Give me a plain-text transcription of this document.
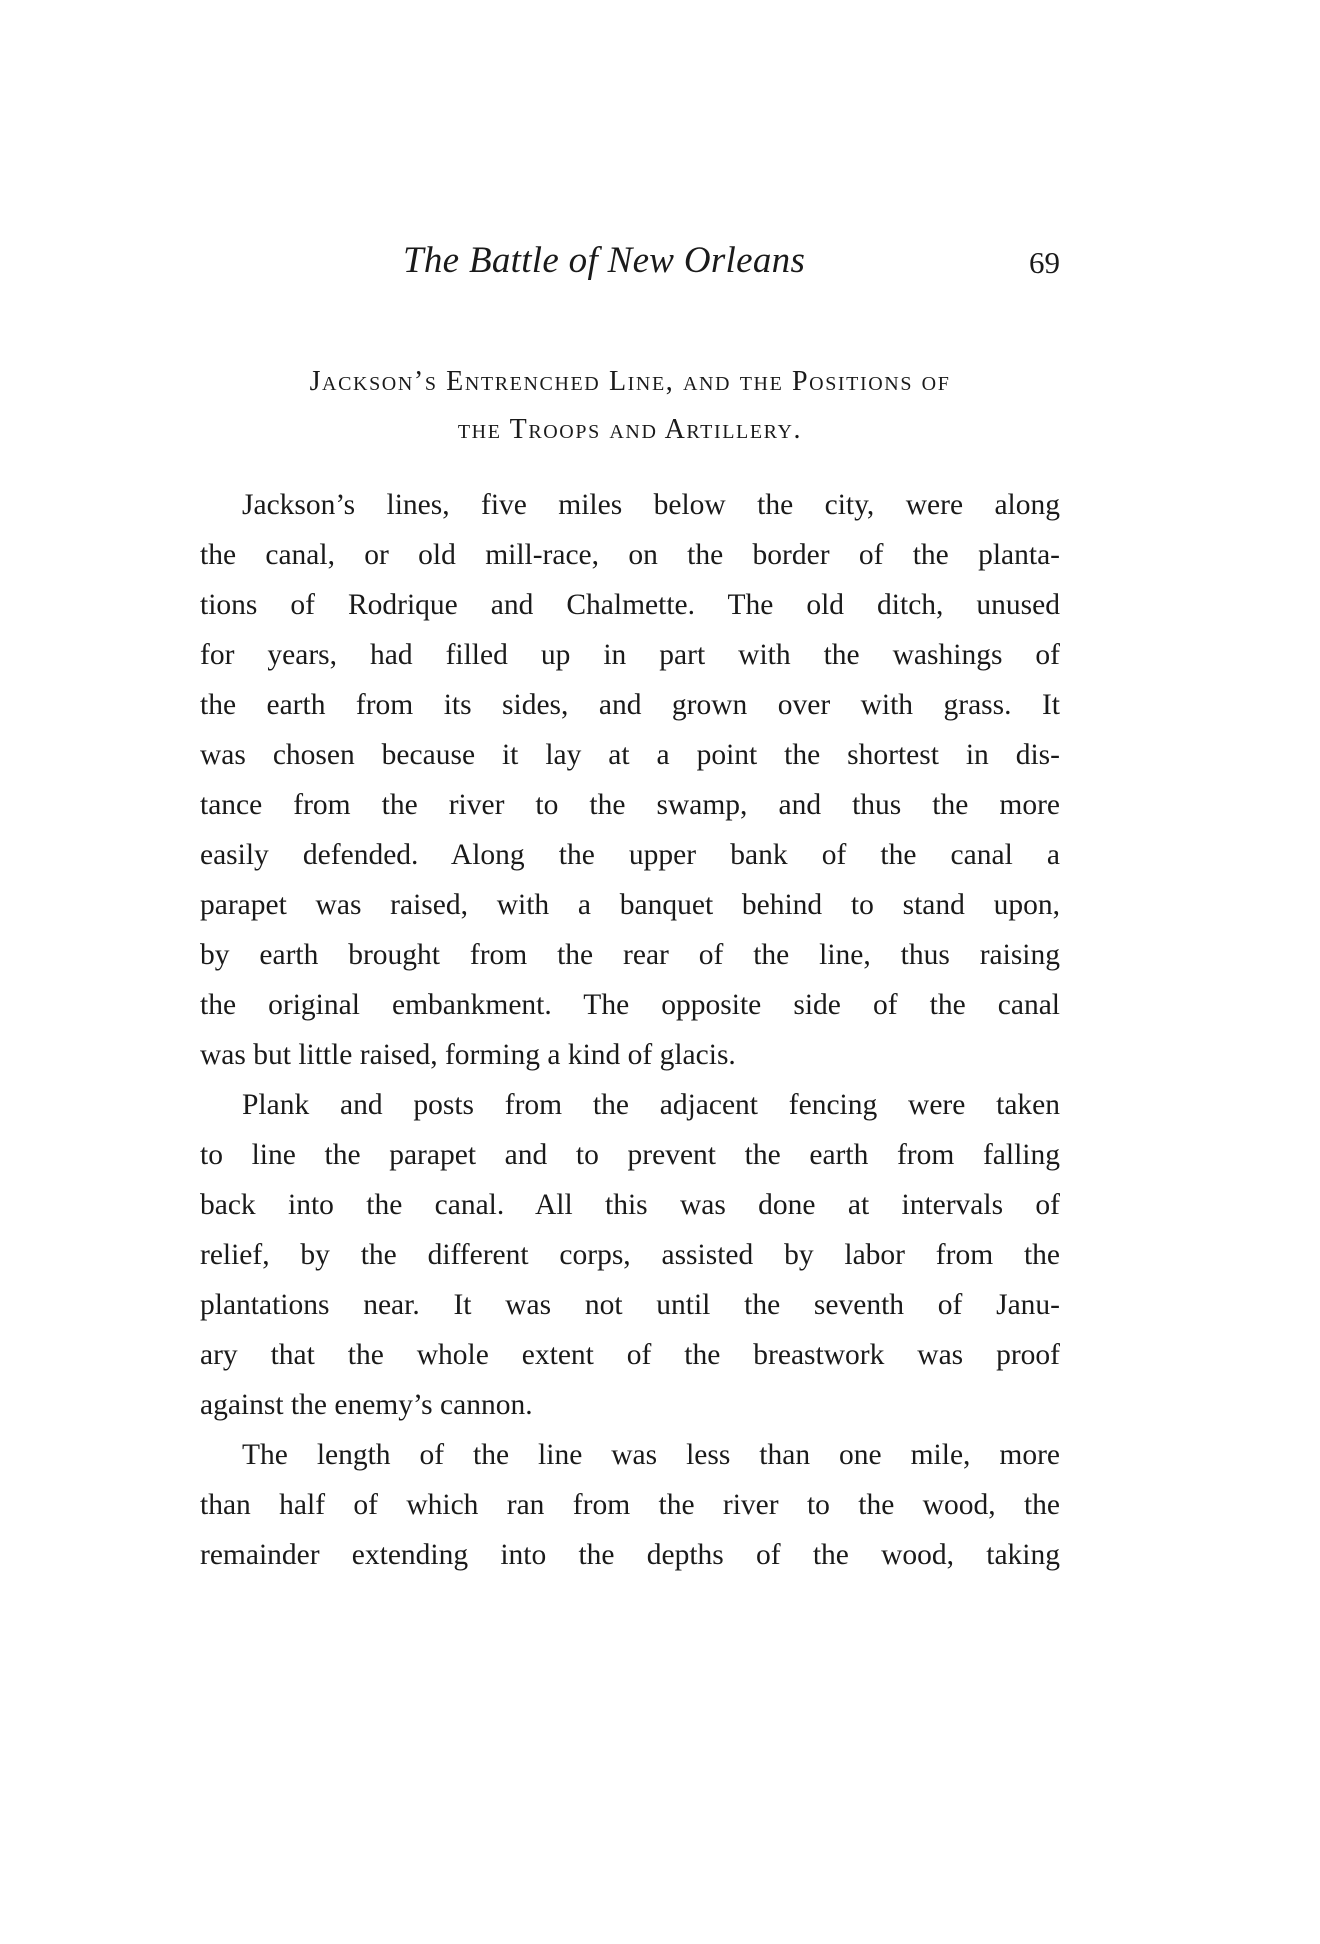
The Battle of New Orleans	69
Jackson’s Entrenched Line, and the Positions of
the Troops and Artillery.
Jackson’s lines, five miles below the city, were along
the canal, or old mill-race, on the border of the planta-
tions of Rodrique and Chalmette. The old ditch, unused
for years, had filled up in part with the washings of
the earth from its sides, and grown over with grass. It
was chosen because it lay at a point the shortest in dis-
tance from the river to the swamp, and thus the more
easily defended. Along the upper bank of the canal a
parapet was raised, with a banquet behind to stand upon,
by earth brought from the rear of the line, thus raising
the original embankment. The opposite side of the canal
was but little raised, forming a kind of glacis.
Plank and posts from the adjacent fencing were taken
to line the parapet and to prevent the earth from falling
back into the canal. All this was done at intervals of
relief, by the different corps, assisted by labor from the
plantations near. It was not until the seventh of Janu-
ary that the whole extent of the breastwork was proof
against the enemy’s cannon.
The length of the line was less than one mile, more
than half of which ran from the river to the wood, the
remainder extending into the depths of the wood, taking
